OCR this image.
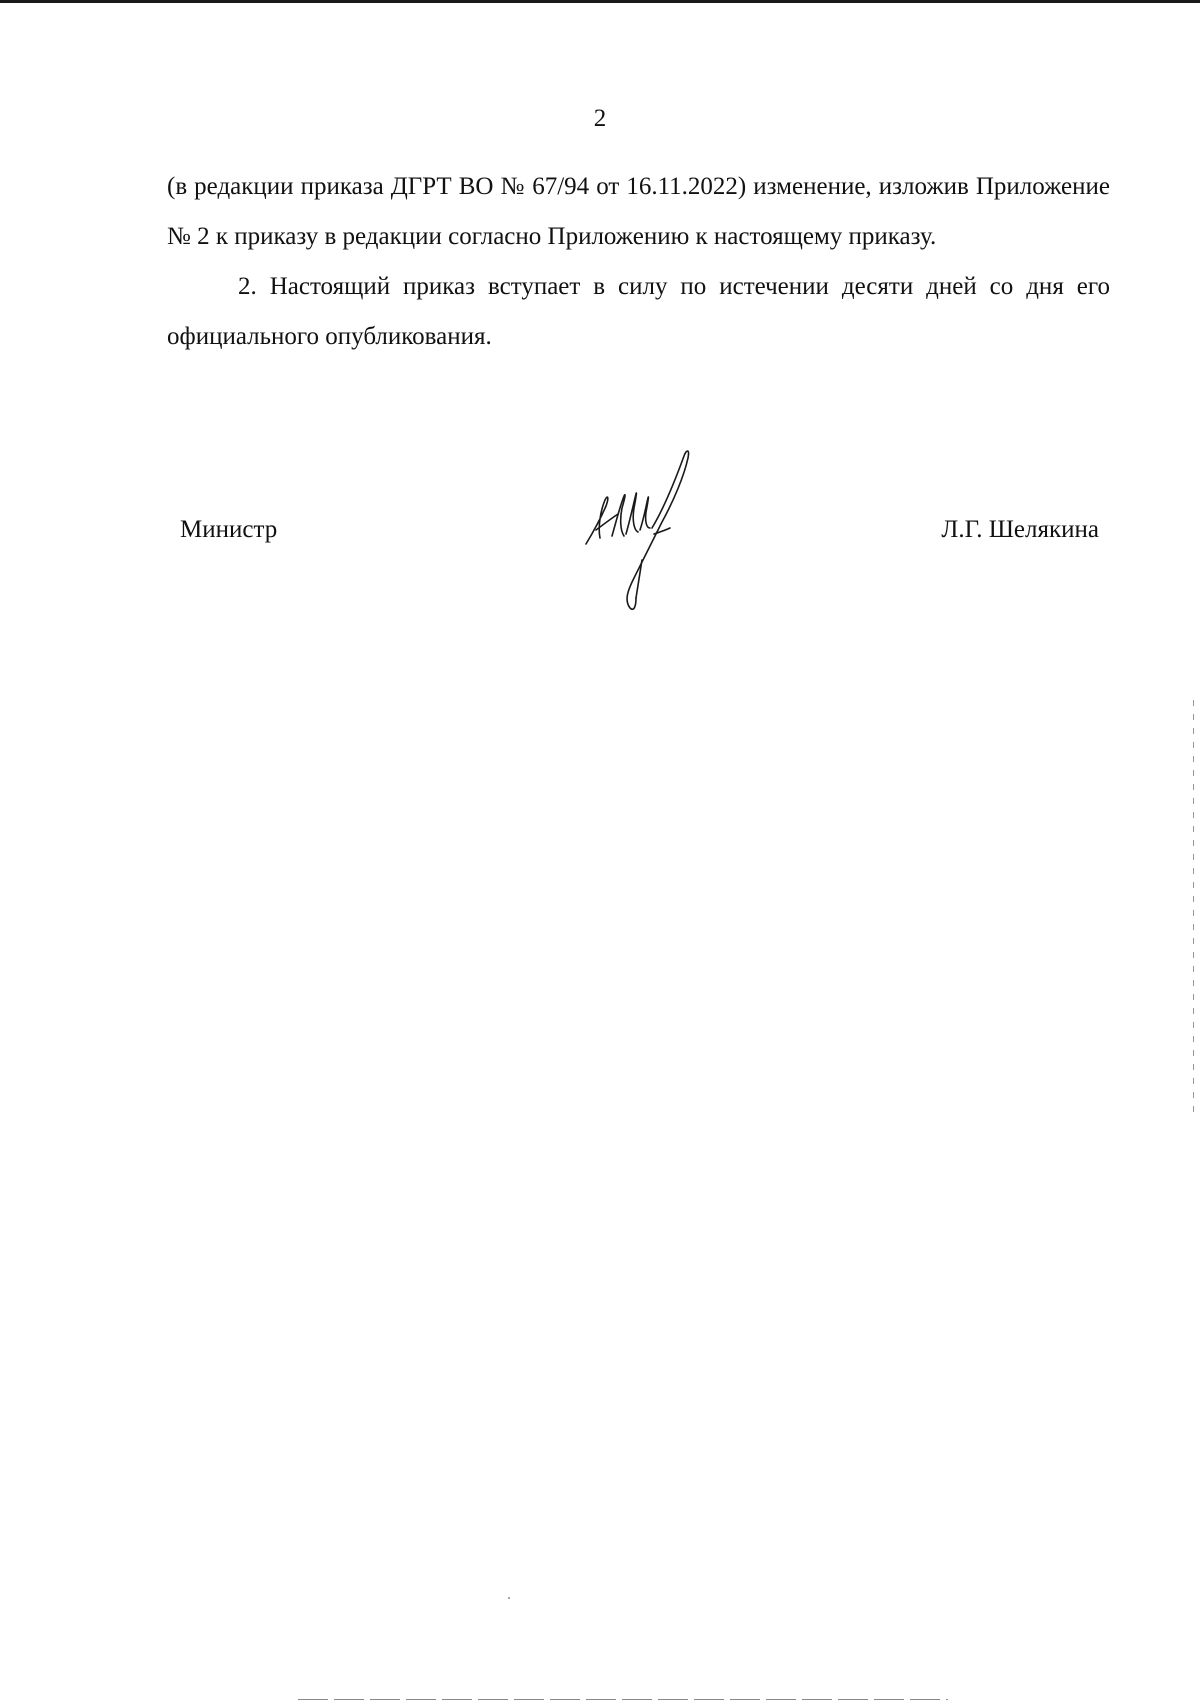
2

(в редакции приказа ДГРТ ВО № 67/94 от 16.11.2022) изменение, изложив Приложение № 2 к приказу в редакции согласно Приложению к настоящему приказу.

2. Настоящий приказ вступает в силу по истечении десяти дней со дня его официального опубликования.

Министр	Л.Г. Шелякина
